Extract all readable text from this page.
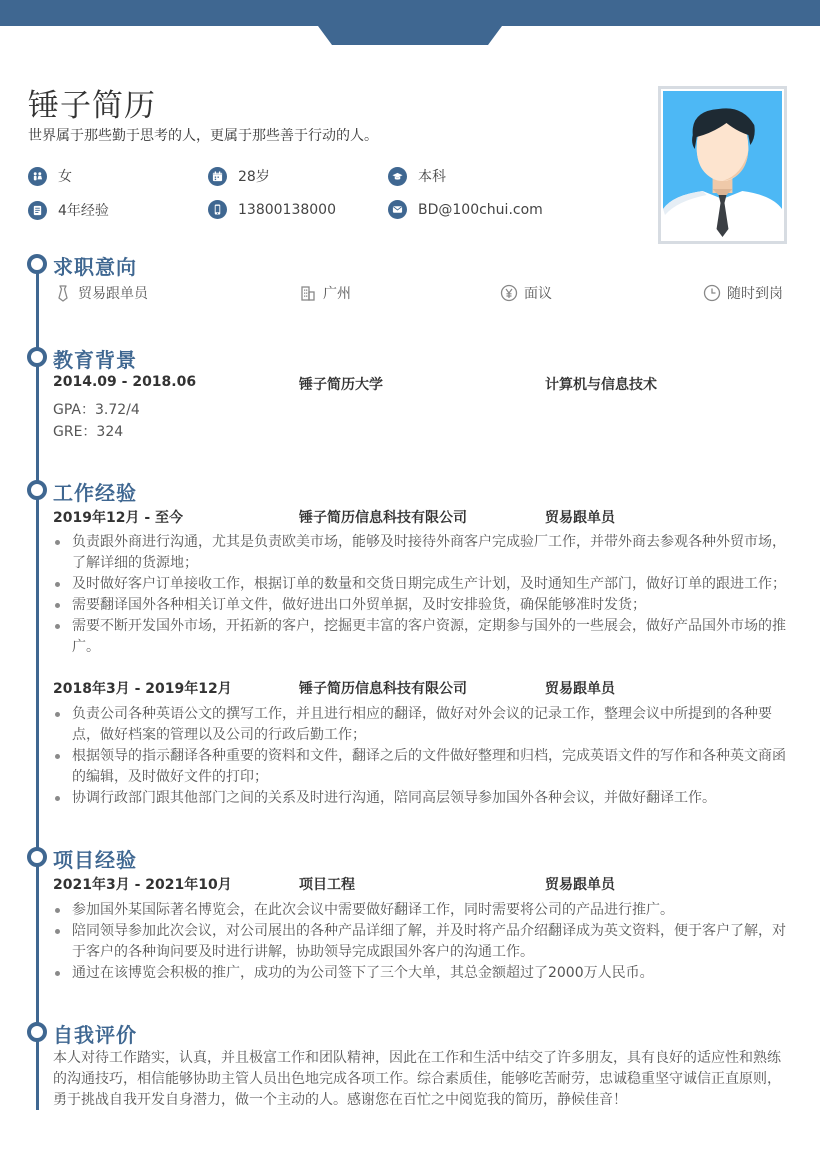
锤子简历
世界属于那些勤于思考的人，更属于那些善于行动的人。
女	28岁	本科
4年经验	13800138000	BD@100chui.com
求职意向
贸易跟单员	广州	面议	随时到岗
教育背景
2014.09 - 2018.06	锤子简历大学	计算机与信息技术
GPA：3.72/4
GRE：324
工作经验
2019年12月 - 至今	锤子简历信息科技有限公司	贸易跟单员
负责跟外商进行沟通，尤其是负责欧美市场，能够及时接待外商客户完成验厂工作，并带外商去参观各种外贸市场，了解详细的货源地；
及时做好客户订单接收工作，根据订单的数量和交货日期完成生产计划，及时通知生产部门，做好订单的跟进工作；
需要翻译国外各种相关订单文件，做好进出口外贸单据，及时安排验货，确保能够准时发货；
需要不断开发国外市场，开拓新的客户，挖掘更丰富的客户资源，定期参与国外的一些展会，做好产品国外市场的推广。
2018年3月 - 2019年12月	锤子简历信息科技有限公司	贸易跟单员
负责公司各种英语公文的撰写工作，并且进行相应的翻译，做好对外会议的记录工作，整理会议中所提到的各种要点，做好档案的管理以及公司的行政后勤工作；
根据领导的指示翻译各种重要的资料和文件，翻译之后的文件做好整理和归档，完成英语文件的写作和各种英文商函的编辑，及时做好文件的打印；
协调行政部门跟其他部门之间的关系及时进行沟通，陪同高层领导参加国外各种会议，并做好翻译工作。
项目经验
2021年3月 - 2021年10月	项目工程	贸易跟单员
参加国外某国际著名博览会，在此次会议中需要做好翻译工作，同时需要将公司的产品进行推广。
陪同领导参加此次会议，对公司展出的各种产品详细了解，并及时将产品介绍翻译成为英文资料，便于客户了解，对于客户的各种询问要及时进行讲解，协助领导完成跟国外客户的沟通工作。
通过在该博览会积极的推广，成功的为公司签下了三个大单，其总金额超过了2000万人民币。
自我评价
本人对待工作踏实，认真，并且极富工作和团队精神，因此在工作和生活中结交了许多朋友，具有良好的适应性和熟练的沟通技巧，相信能够协助主管人员出色地完成各项工作。综合素质佳，能够吃苦耐劳，忠诚稳重坚守诚信正直原则，勇于挑战自我开发自身潜力，做一个主动的人。感谢您在百忙之中阅览我的简历，静候佳音！
